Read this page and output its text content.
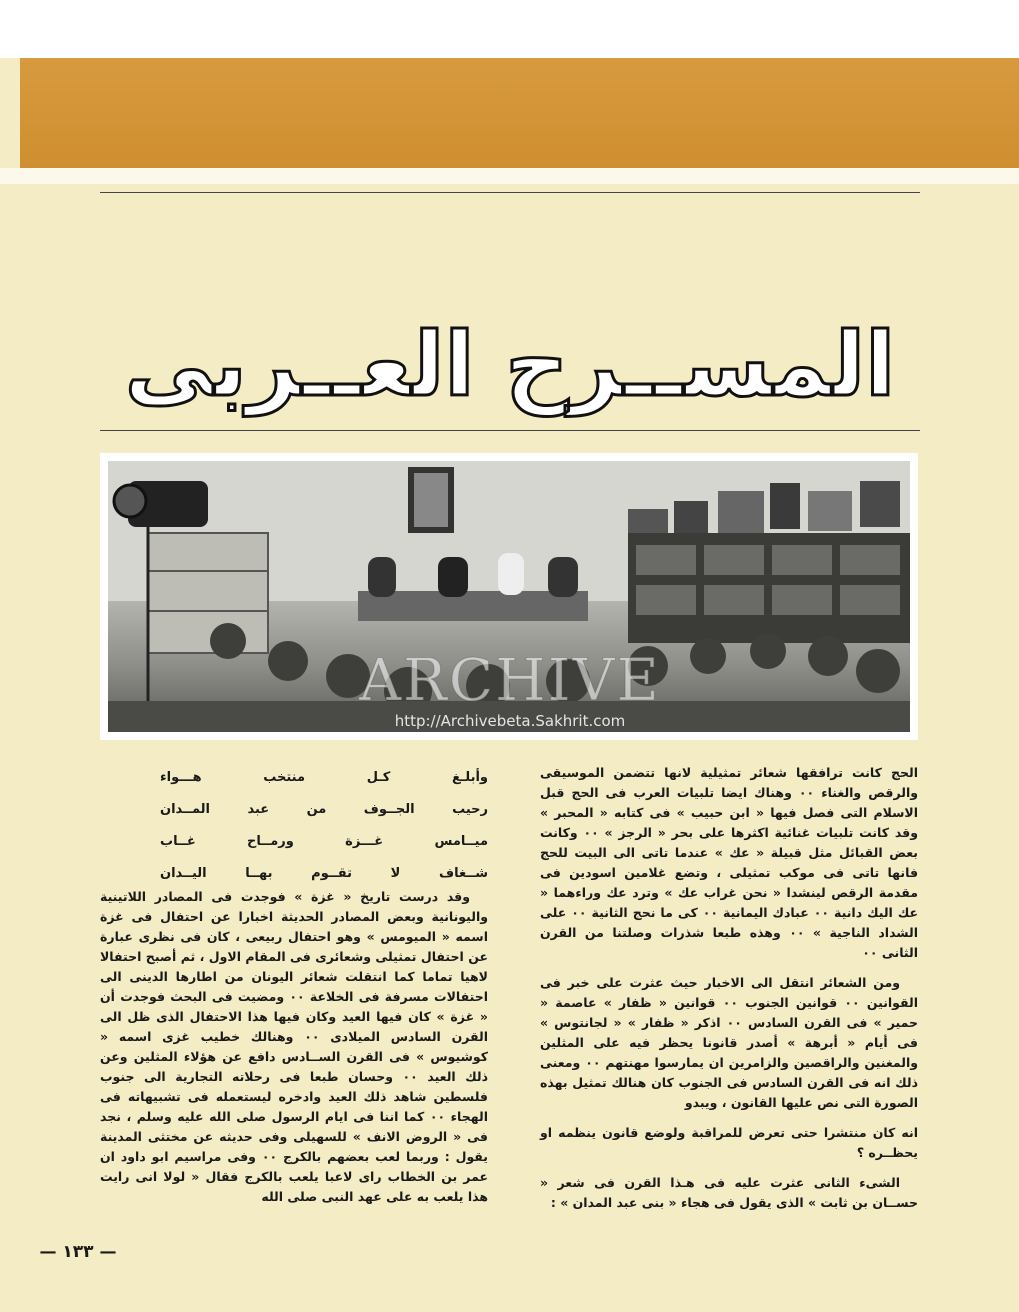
المســرح العــربى
ARCHIVE
http://Archivebeta.Sakhrit.com

الحج كانت ترافقها شعائر تمثيلية لانها تتضمن الموسيقى والرقص والغناء ٠٠ وهناك ايضا تلبيات العرب فى الحج قبل الاسلام التى فصل فيها « ابن حبيب » فى كتابه « المحبر » وقد كانت تلبيات غنائية اكثرها على بحر « الرجز » ٠٠ وكانت بعض القبائل مثل قبيلة « عك » عندما تاتى الى البيت للحج فانها تاتى فى موكب تمثيلى ، وتضع غلامين اسودين فى مقدمة الرقص لينشدا « نحن غراب عك » وترد عك وراءهما « عك اليك دانية ٠٠ عبادك اليمانية ٠٠ كى ما نحج الثانية ٠٠ على الشداد الناجية » ٠٠ وهذه طبعا شذرات وصلتنا من القرن الثانى ٠٠

ومن الشعائر انتقل الى الاخبار حيث عثرت على خبر فى القوانين ٠٠ قوانين الجنوب ٠٠ قوانين « ظفار » عاصمة « حمير » فى القرن السادس ٠٠ اذكر « ظفار » « لجانتوس » فى أيام « أبرهة » أصدر قانونا يحظر فيه على المثلين والمغنين والراقصين والزامرين ان يمارسوا مهنتهم ٠٠ ومعنى ذلك انه فى القرن السادس فى الجنوب كان هنالك تمثيل بهذه الصورة التى نص عليها القانون ، ويبدو

انه كان منتشرا حتى تعرض للمراقبة ولوضع قانون ينظمه او يحظــره ؟

الشىء الثانى عثرت عليه فى هـذا القرن فى شعر « حســان بن ثابت » الذى يقول فى هجاء « بنى عبد المدان » :

وأبلـغ كـل منتخب هـــواء
رحيب الجــوف من عبد المــدان
ميــامس غـــزة ورمــاح غــاب
شــغاف لا تقــوم بهــا اليــدان

وقد درست تاريخ « غزة » فوجدت فى المصادر اللاتينية واليونانية وبعض المصادر الحديثة اخبارا عن احتفال فى غزة اسمه « الميومس » وهو احتفال ربيعى ، كان فى نظرى عبارة عن احتفال تمثيلى وشعائرى فى المقام الاول ، ثم أصبح احتفالا لاهيا تماما كما انتقلت شعائر اليونان من اطارها الدينى الى احتفالات مسرفة فى الخلاعة ٠٠ ومضيت فى البحث فوجدت أن « غزة » كان فيها العيد وكان فيها هذا الاحتفال الذى ظل الى القرن السادس الميلادى ٠٠ وهنالك خطيب غزى اسمه « كوشيوس » فى القرن الســادس دافع عن هؤلاء المثلين وعن ذلك العيد ٠٠ وحسان طبعا فى رحلاته التجارية الى جنوب فلسطين شاهد ذلك العيد وادخره ليستعمله فى تشبيهاته فى الهجاء ٠٠ كما اننا فى ايام الرسول صلى الله عليه وسلم ، نجد فى « الروض الانف » للسهيلى وفى حديثه عن مختثى المدينة يقول : وربما لعب بعضهم بالكرج ٠٠ وفى مراسيم ابو داود ان عمر بن الخطاب راى لاعبا يلعب بالكرج فقال « لولا انى رايت هذا يلعب به على عهد النبى صلى الله

— ١٣٣ —
